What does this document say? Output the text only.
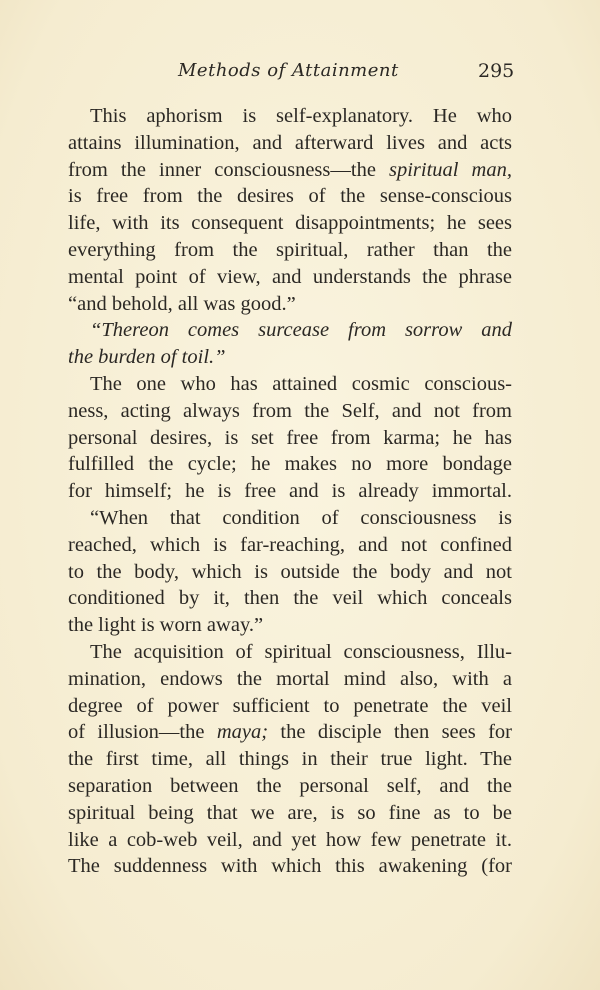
Methods of Attainment	295
This aphorism is self-explanatory. He who
attains illumination, and afterward lives and acts
from the inner consciousness—the spiritual man,
is free from the desires of the sense-conscious
life, with its consequent disappointments; he sees
everything from the spiritual, rather than the
mental point of view, and understands the phrase
“and behold, all was good.”
“Thereon comes surcease from sorrow and
the burden of toil.”
The one who has attained cosmic conscious-
ness, acting always from the Self, and not from
personal desires, is set free from karma; he has
fulfilled the cycle; he makes no more bondage
for himself; he is free and is already immortal.
“When that condition of consciousness is
reached, which is far-reaching, and not confined
to the body, which is outside the body and not
conditioned by it, then the veil which conceals
the light is worn away.”
The acquisition of spiritual consciousness, Illu-
mination, endows the mortal mind also, with a
degree of power sufficient to penetrate the veil
of illusion—the maya; the disciple then sees for
the first time, all things in their true light. The
separation between the personal self, and the
spiritual being that we are, is so fine as to be
like a cob-web veil, and yet how few penetrate it.
The suddenness with which this awakening (for
